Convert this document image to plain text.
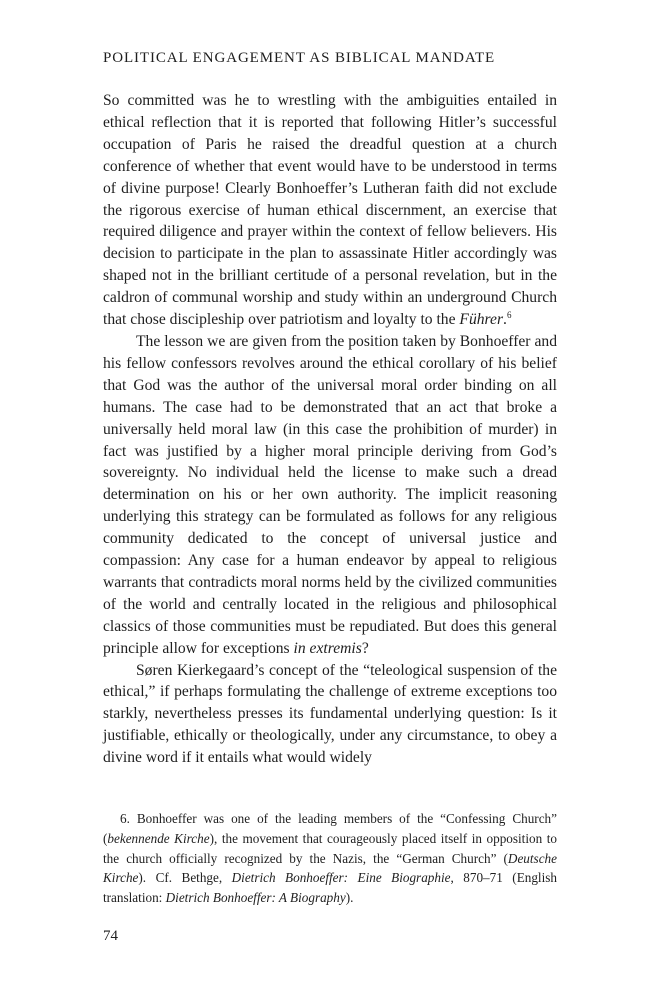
POLITICAL ENGAGEMENT AS BIBLICAL MANDATE

So committed was he to wrestling with the ambiguities entailed in ethical reflection that it is reported that following Hitler’s successful occupation of Paris he raised the dreadful question at a church conference of whether that event would have to be understood in terms of divine purpose! Clearly Bonhoeffer’s Lutheran faith did not exclude the rigorous exercise of human ethical discernment, an exercise that required diligence and prayer within the context of fellow believers. His decision to participate in the plan to assassinate Hitler accordingly was shaped not in the brilliant certitude of a personal revelation, but in the caldron of communal worship and study within an underground Church that chose discipleship over patriotism and loyalty to the Führer.$^6$

The lesson we are given from the position taken by Bonhoeffer and his fellow confessors revolves around the ethical corollary of his belief that God was the author of the universal moral order binding on all humans. The case had to be demonstrated that an act that broke a universally held moral law (in this case the prohibition of murder) in fact was justified by a higher moral principle deriving from God’s sovereignty. No individual held the license to make such a dread determination on his or her own authority. The implicit reasoning underlying this strategy can be formulated as follows for any religious community dedicated to the concept of universal justice and compassion: Any case for a human endeavor by appeal to religious warrants that contradicts moral norms held by the civilized communities of the world and centrally located in the religious and philosophical classics of those communities must be repudiated. But does this general principle allow for exceptions in extremis?

Søren Kierkegaard’s concept of the “teleological suspension of the ethical,” if perhaps formulating the challenge of extreme exceptions too starkly, nevertheless presses its fundamental underlying question: Is it justifiable, ethically or theologically, under any circumstance, to obey a divine word if it entails what would widely

6. Bonhoeffer was one of the leading members of the “Confessing Church” (bekennende Kirche), the movement that courageously placed itself in opposition to the church officially recognized by the Nazis, the “German Church” (Deutsche Kirche). Cf. Bethge, Dietrich Bonhoeffer: Eine Biographie, 870–71 (English translation: Dietrich Bonhoeffer: A Biography).

74
